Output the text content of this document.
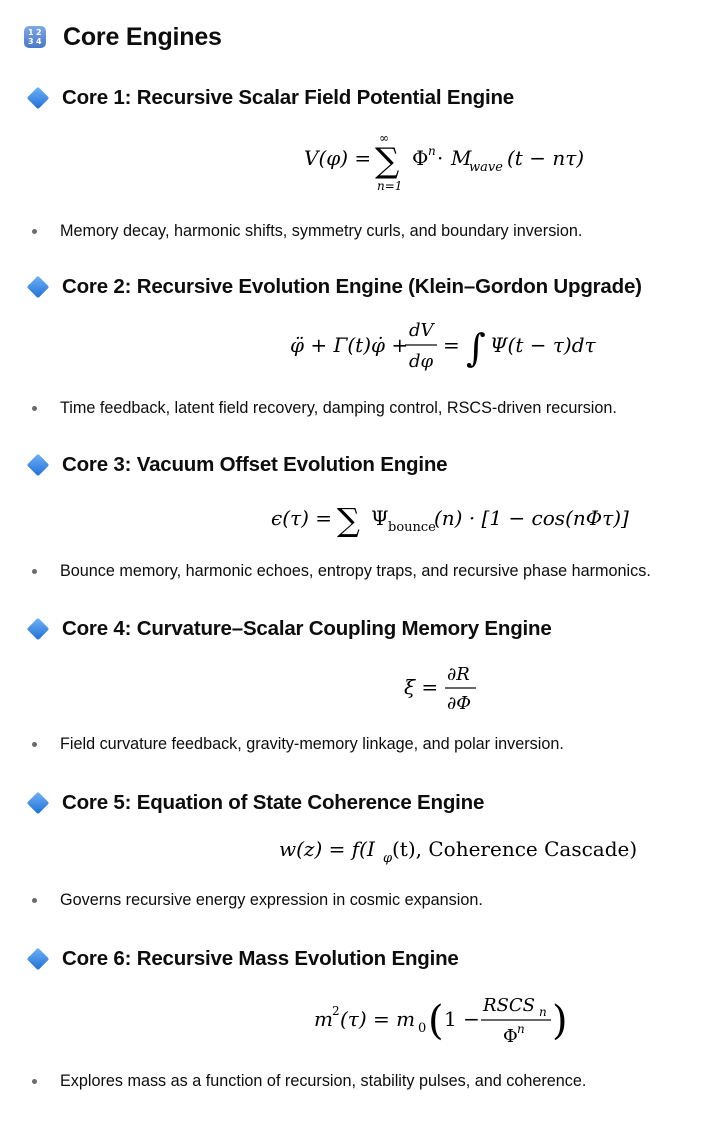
1 2
3 4 Core Engines
Core 1: Recursive Scalar Field Potential Engine
V(φ) =
∞
∑
n=1
Φ n · M
wave (t − nτ)
Memory decay, harmonic shifts, symmetry curls, and boundary inversion.
Core 2: Recursive Evolution Engine (Klein–Gordon Upgrade)
φ̈ + Γ(t)φ̇ +
dV
dφ
= ∫ Ψ(t − τ)dτ
Time feedback, latent field recovery, damping control, RSCS-driven recursion.
Core 3: Vacuum Offset Evolution Engine
ϵ(τ) = ∑ Ψ bounce
(n) · [1 − cos(nΦτ)]
Bounce memory, harmonic echoes, entropy traps, and recursive phase harmonics.
Core 4: Curvature–Scalar Coupling Memory Engine
ξ =
∂R
∂Φ
Field curvature feedback, gravity-memory linkage, and polar inversion.
Core 5: Equation of State Coherence Engine
w(z) = f(I φ (t), Coherence Cascade)
Governs recursive energy expression in cosmic expansion.
Core 6: Recursive Mass Evolution Engine
m 2 (τ) = m 0 ( 1 −
RSCS n
Φ n )
Explores mass as a function of recursion, stability pulses, and coherence.
